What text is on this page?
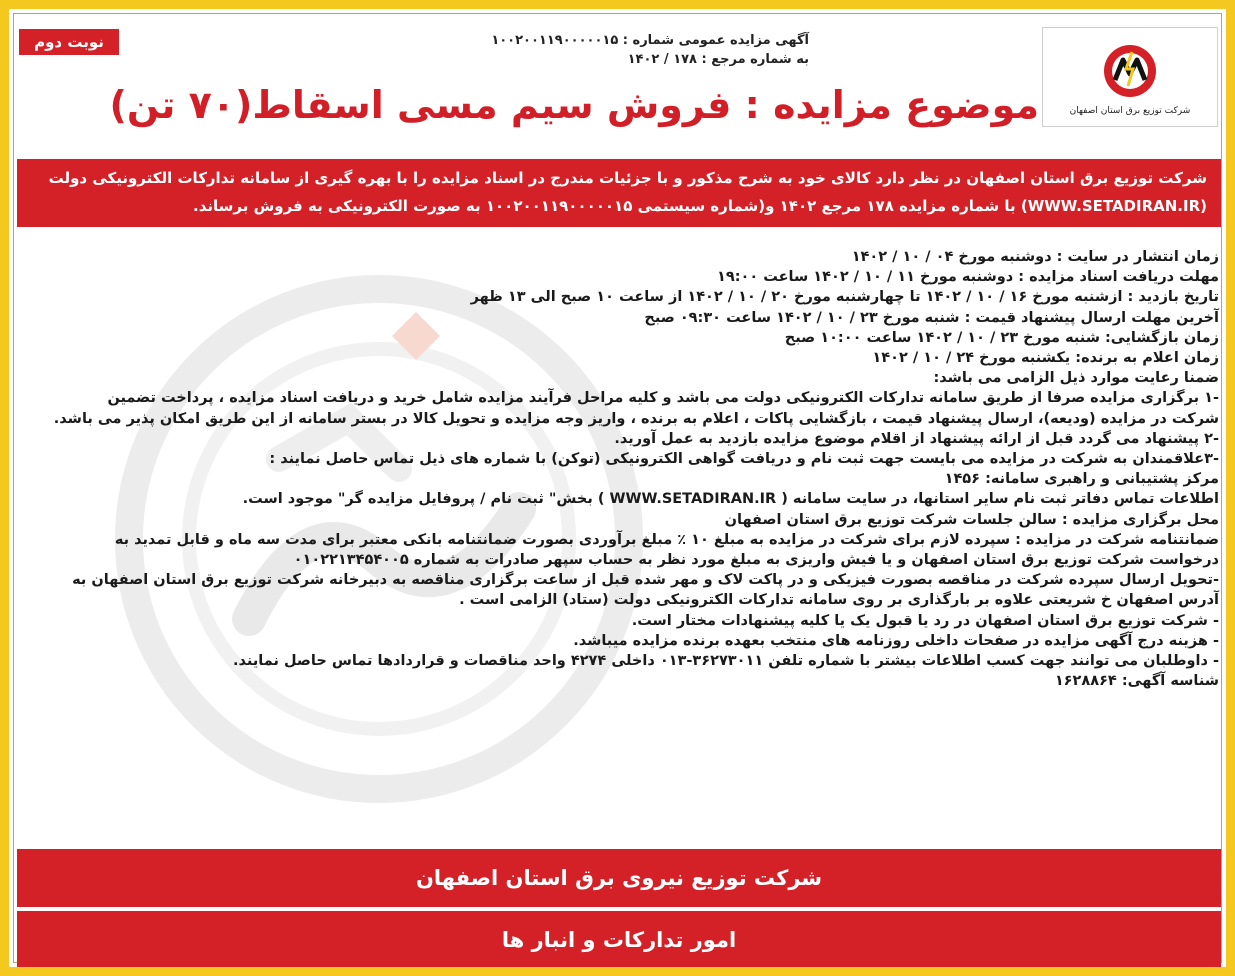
نوبت دوم
شرکت توزیع برق استان اصفهان
آگهی مزایده عمومی شماره : ۱۰۰۲۰۰۱۱۹۰۰۰۰۰۱۵
به شماره مرجع : ۱۷۸ / ۱۴۰۲
موضوع مزایده : فروش سیم مسی اسقاط(۷۰ تن)
شرکت توزیع برق استان اصفهان در نظر دارد کالای خود به شرح مذکور و با جزئیات مندرج در اسناد مزایده را با بهره گیری از سامانه تدارکات الکترونیکی دولت
(WWW.SETADIRAN.IR) با شماره مزایده ۱۷۸ مرجع ۱۴۰۲ و(شماره سیستمی ۱۰۰۲۰۰۱۱۹۰۰۰۰۰۱۵ به صورت الکترونیکی به فروش برساند.
زمان انتشار در سایت : دوشنبه مورخ ۰۴ / ۱۰ / ۱۴۰۲
مهلت دریافت اسناد مزایده : دوشنبه مورخ ۱۱ / ۱۰ / ۱۴۰۲ ساعت ۱۹:۰۰
تاریخ بازدید : ازشنبه مورخ ۱۶ / ۱۰ / ۱۴۰۲ تا چهارشنبه مورخ ۲۰ / ۱۰ / ۱۴۰۲ از ساعت ۱۰ صبح الی ۱۳ ظهر
آخرین مهلت ارسال پیشنهاد قیمت : شنبه مورخ ۲۳ / ۱۰ / ۱۴۰۲ ساعت ۰۹:۳۰ صبح
زمان بازگشایی: شنبه مورخ ۲۳ / ۱۰ / ۱۴۰۲ ساعت ۱۰:۰۰ صبح
زمان اعلام به برنده: یکشنبه مورخ ۲۴ / ۱۰ / ۱۴۰۲
ضمنا رعایت موارد ذیل الزامی می باشد:
-۱ برگزاری مزایده صرفا از طریق سامانه تدارکات الکترونیکی دولت می باشد و کلیه مراحل فرآیند مزایده شامل خرید و دریافت اسناد مزایده ، پرداخت تضمین
شرکت در مزایده (ودیعه)، ارسال پیشنهاد قیمت ، بازگشایی پاکات ، اعلام به برنده ، واریز وجه مزایده و تحویل کالا در بستر سامانه از این طریق امکان پذیر می باشد.
-۲ پیشنهاد می گردد قبل از ارائه پیشنهاد از اقلام موضوع مزایده بازدید به عمل آورید.
-۳علاقمندان به شرکت در مزایده می بایست جهت ثبت نام و دریافت گواهی الکترونیکی (توکن) با شماره های ذیل تماس حاصل نمایند :
مرکز پشتیبانی و راهبری سامانه: ۱۴۵۶
اطلاعات تماس دفاتر ثبت نام سایر استانها، در سایت سامانه ( WWW.SETADIRAN.IR ) بخش" ثبت نام / پروفایل مزایده گر" موجود است.
محل برگزاری مزایده : سالن جلسات شرکت توزیع برق استان اصفهان
ضمانتنامه شرکت در مزایده : سپرده لازم برای شرکت در مزایده به مبلغ ۱۰ ٪ مبلغ برآوردی بصورت ضمانتنامه بانکی معتبر برای مدت سه ماه و قابل تمدید به
درخواست شرکت توزیع برق استان اصفهان و یا فیش واریزی به مبلغ مورد نظر به حساب سپهر صادرات به شماره ۰۱۰۲۲۱۳۴۵۴۰۰۵
-تحویل ارسال سپرده شرکت در مناقصه بصورت فیزیکی و در پاکت لاک و مهر شده قبل از ساعت برگزاری مناقصه به دبیرخانه شرکت توزیع برق استان اصفهان به
آدرس اصفهان خ شریعتی علاوه بر بارگذاری بر روی سامانه تدارکات الکترونیکی دولت (ستاد) الزامی است .
- شرکت توزیع برق استان اصفهان در رد یا قبول یک یا کلیه پیشنهادات مختار است.
- هزینه درج آگهی مزایده در صفحات داخلی روزنامه های منتخب بعهده برنده مزایده میباشد.
- داوطلبان می توانند جهت کسب اطلاعات بیشتر با شماره تلفن ۳۶۲۷۳۰۱۱-۰۱۳ داخلی ۴۲۷۴ واحد مناقصات و قراردادها تماس حاصل نمایند.
شناسه آگهی: ۱۶۲۸۸۶۴
شرکت توزیع نیروی برق استان اصفهان
امور تدارکات و انبار ها
